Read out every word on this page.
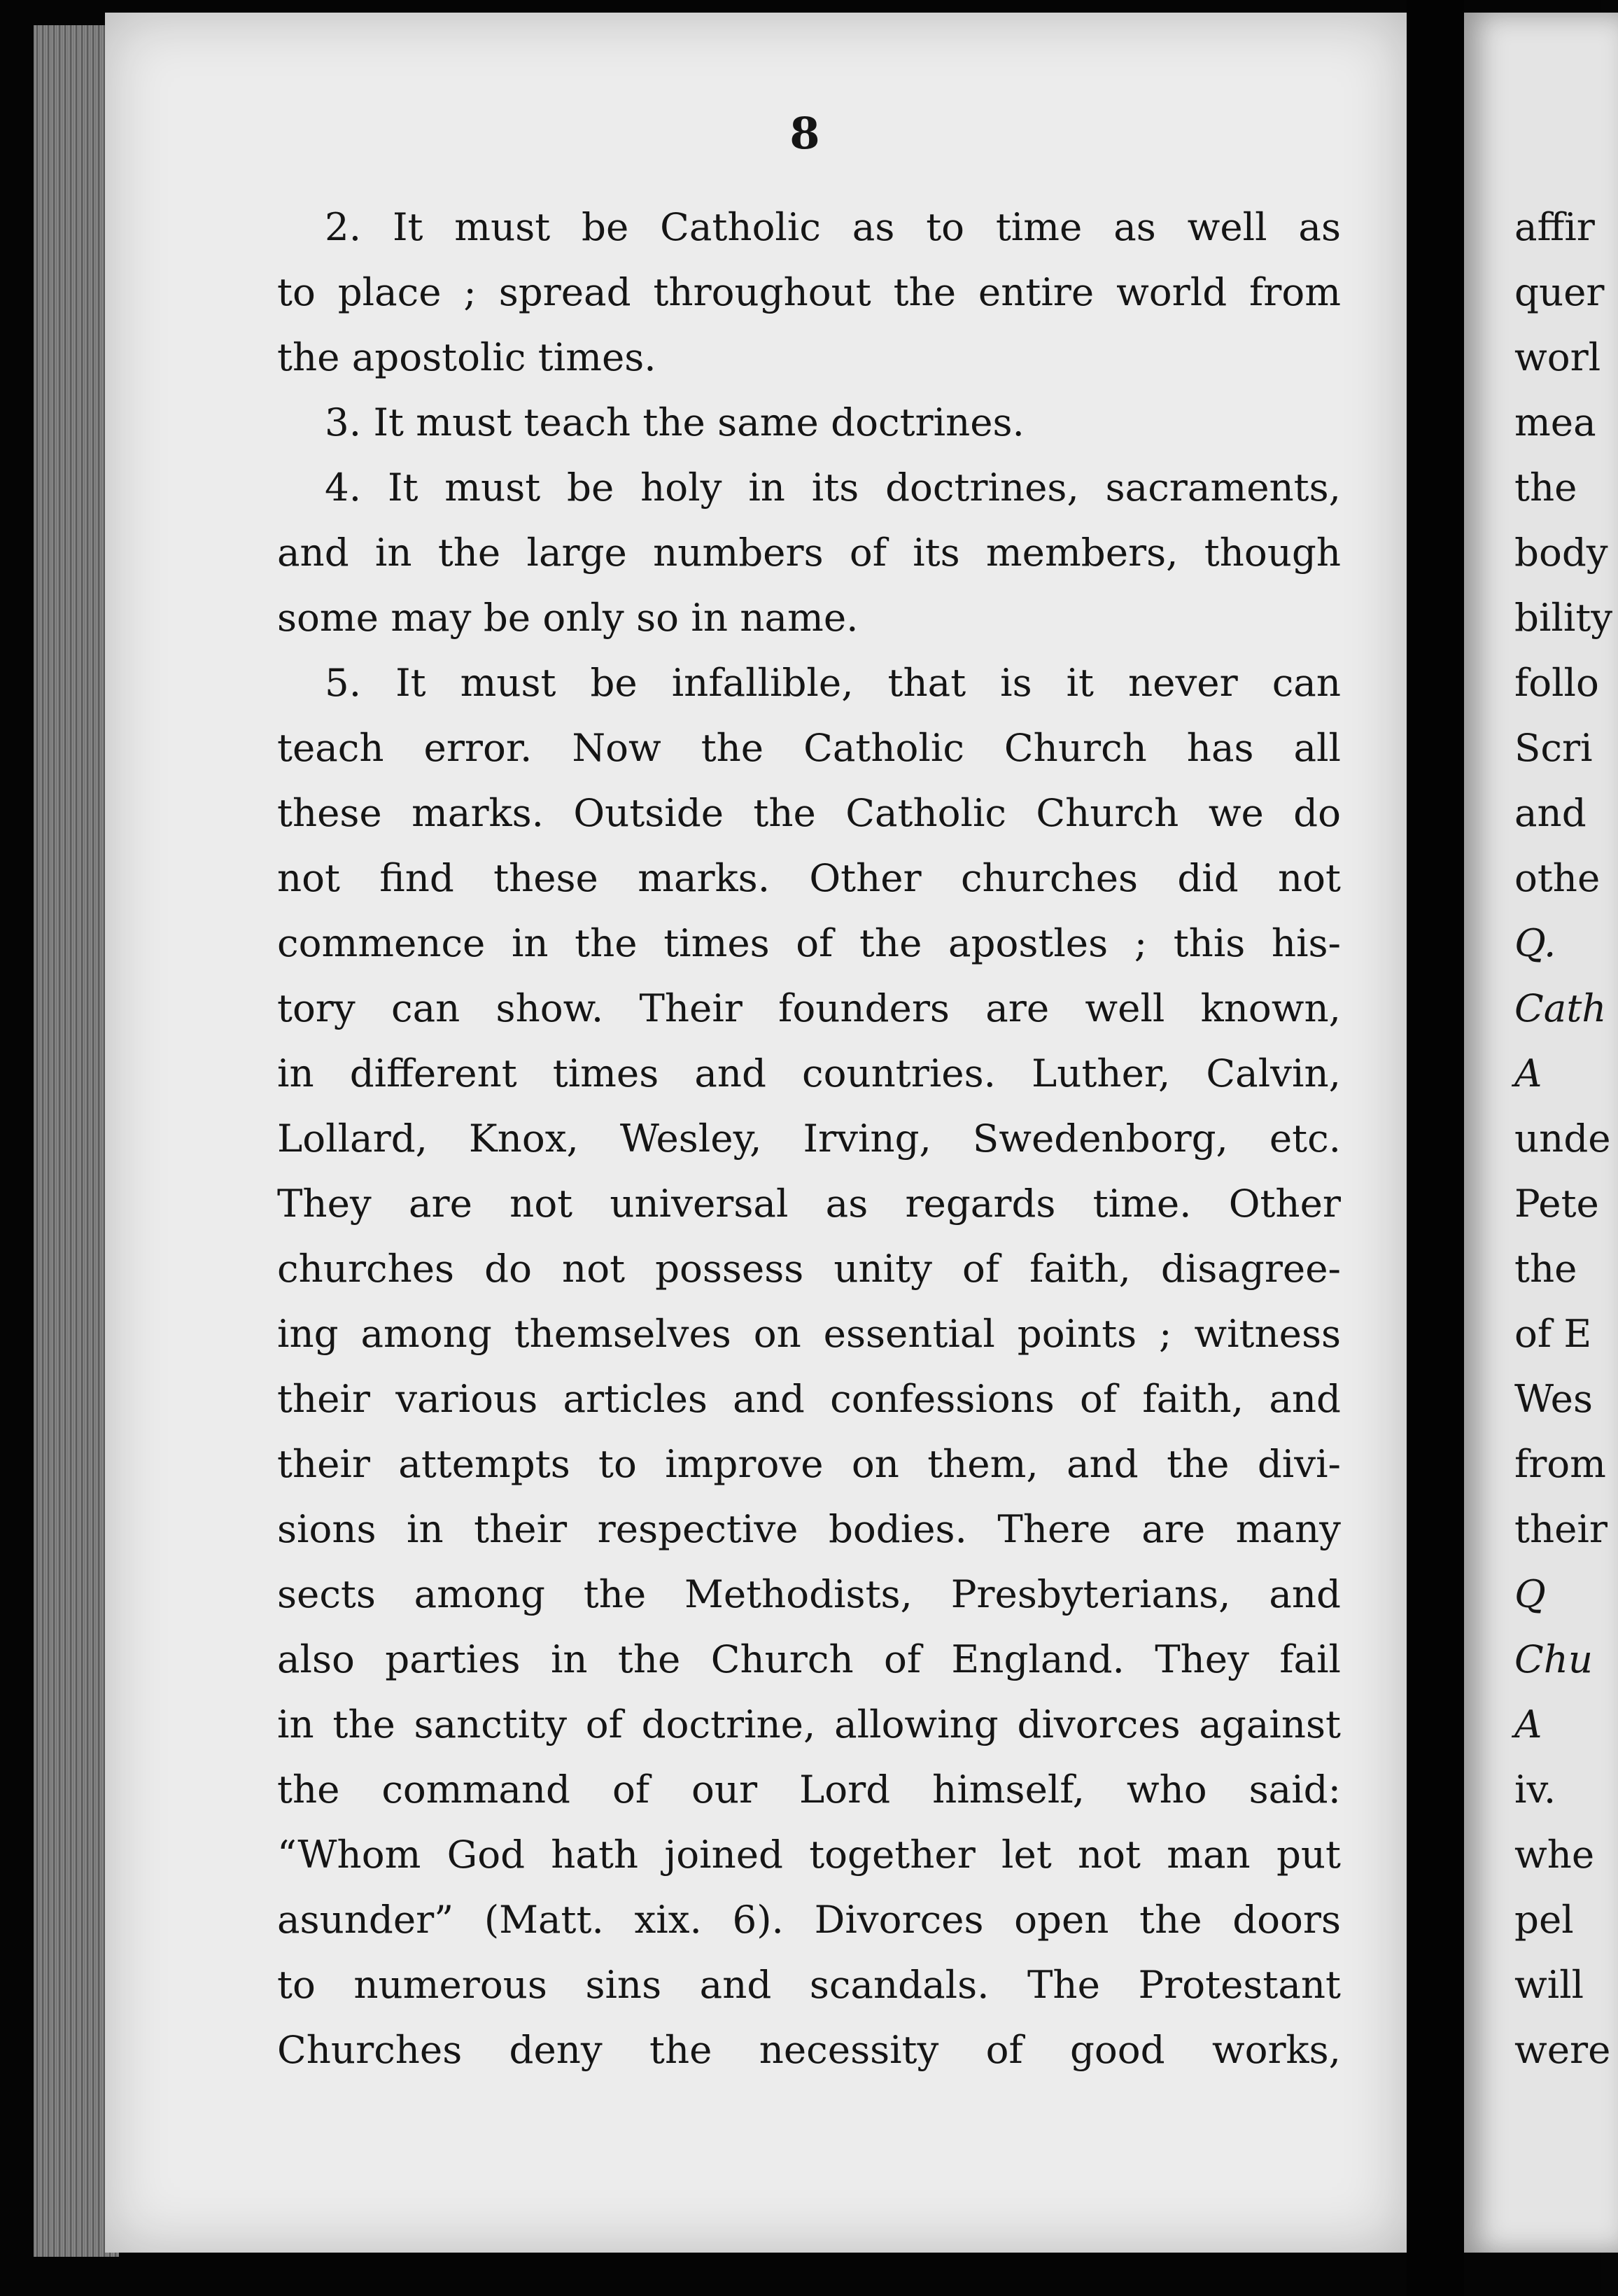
8
2. It must be Catholic as to time as well as
to place ; spread throughout the entire world from
the apostolic times.
3. It must teach the same doctrines.
4. It must be holy in its doctrines, sacraments,
and in the large numbers of its members, though
some may be only so in name.
5. It must be infallible, that is it never can
teach error. Now the Catholic Church has all
these marks. Outside the Catholic Church we do
not find these marks. Other churches did not
commence in the times of the apostles ; this his-
tory can show. Their founders are well known,
in different times and countries. Luther, Calvin,
Lollard, Knox, Wesley, Irving, Swedenborg, etc.
They are not universal as regards time. Other
churches do not possess unity of faith, disagree-
ing among themselves on essential points ; witness
their various articles and confessions of faith, and
their attempts to improve on them, and the divi-
sions in their respective bodies. There are many
sects among the Methodists, Presbyterians, and
also parties in the Church of England. They fail
in the sanctity of doctrine, allowing divorces against
the command of our Lord himself, who said:
“Whom God hath joined together let not man put
asunder” (Matt. xix. 6). Divorces open the doors
to numerous sins and scandals. The Protestant
Churches deny the necessity of good works,
affir
quer
worl
mea
the
body
bility
follo
Scri
and
othe
Q.
Cath
A
unde
Pete
the
of E
Wes
from
their
Q
Chu
A
iv.
whe
pel
will
were
